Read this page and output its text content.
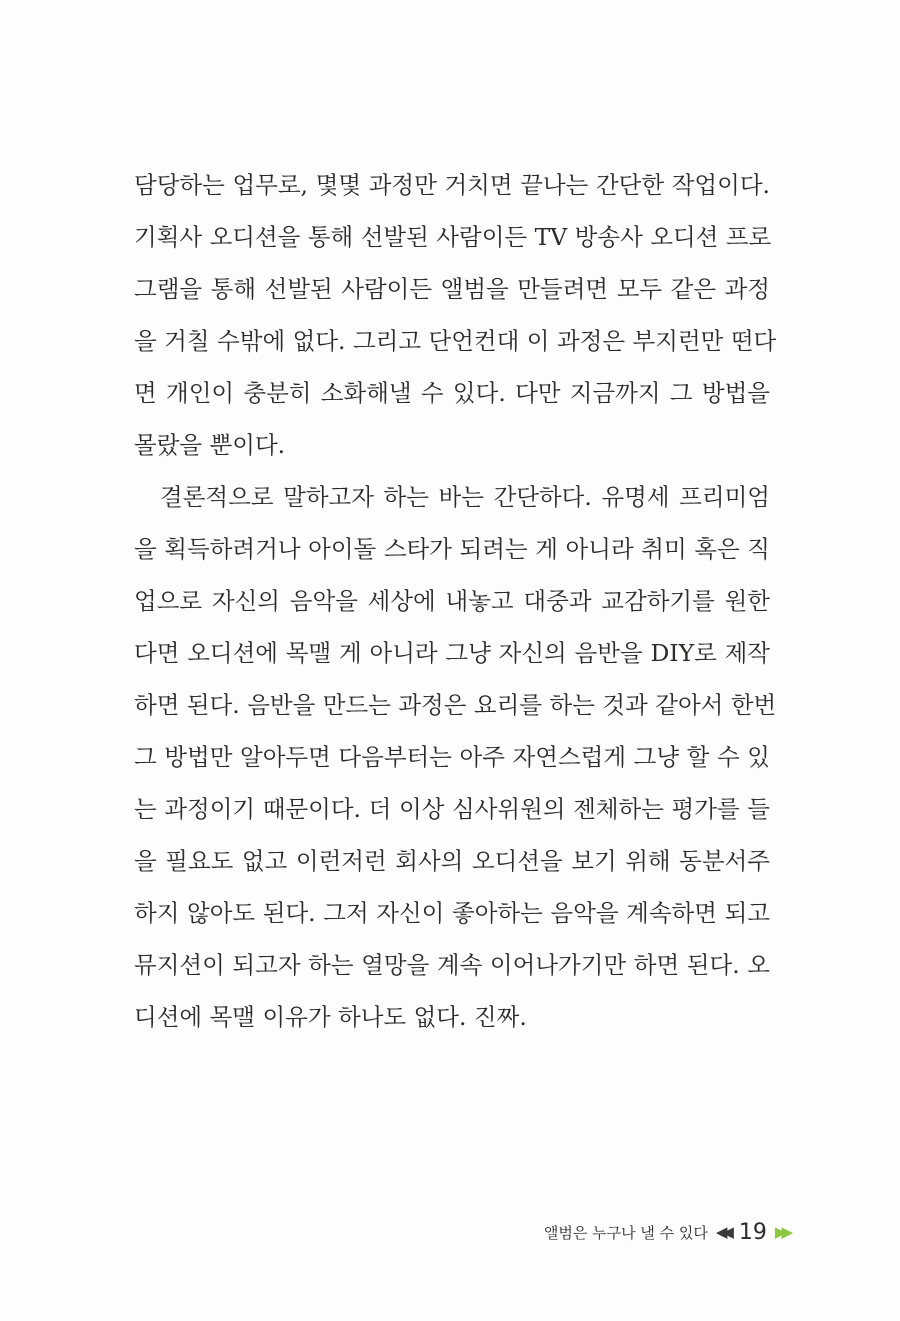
담당하는 업무로, 몇몇 과정만 거치면 끝나는 간단한 작업이다.
기획사 오디션을 통해 선발된 사람이든 TV 방송사 오디션 프로
그램을 통해 선발된 사람이든 앨범을 만들려면 모두 같은 과정
을 거칠 수밖에 없다. 그리고 단언컨대 이 과정은 부지런만 떤다
면 개인이 충분히 소화해낼 수 있다. 다만 지금까지 그 방법을
몰랐을 뿐이다.
결론적으로 말하고자 하는 바는 간단하다. 유명세 프리미엄
을 획득하려거나 아이돌 스타가 되려는 게 아니라 취미 혹은 직
업으로 자신의 음악을 세상에 내놓고 대중과 교감하기를 원한
다면 오디션에 목맬 게 아니라 그냥 자신의 음반을 DIY로 제작
하면 된다. 음반을 만드는 과정은 요리를 하는 것과 같아서 한번
그 방법만 알아두면 다음부터는 아주 자연스럽게 그냥 할 수 있
는 과정이기 때문이다. 더 이상 심사위원의 젠체하는 평가를 들
을 필요도 없고 이런저런 회사의 오디션을 보기 위해 동분서주
하지 않아도 된다. 그저 자신이 좋아하는 음악을 계속하면 되고
뮤지션이 되고자 하는 열망을 계속 이어나가기만 하면 된다. 오
디션에 목맬 이유가 하나도 없다. 진짜.
앨범은 누구나 낼 수 있다 ◀◀ 19 ▶▶
